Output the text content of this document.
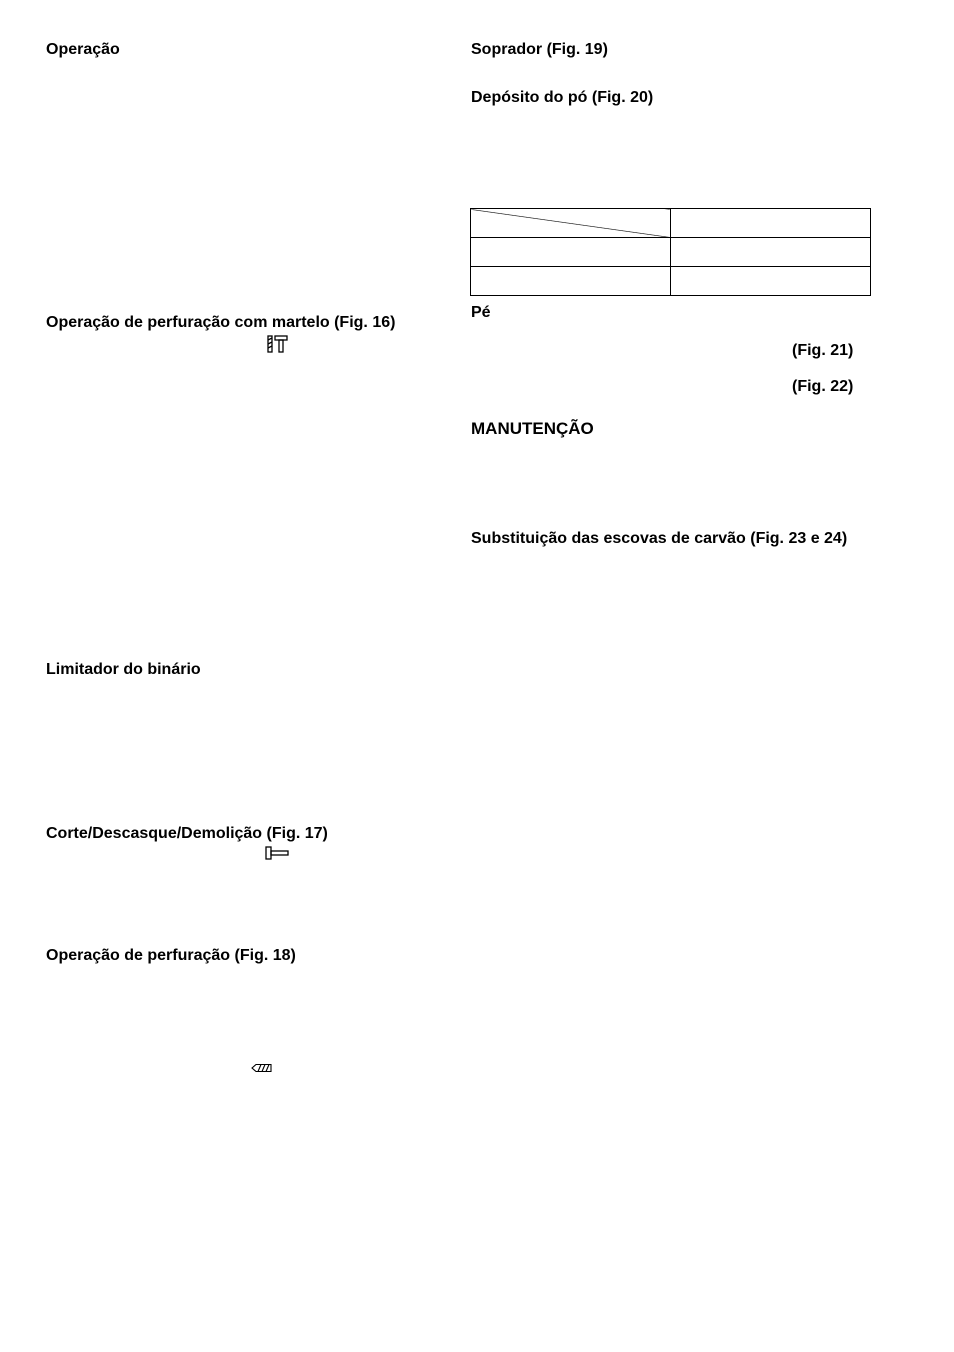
Operação
Operação de perfuração com martelo (Fig. 16)
Limitador do binário
Corte/Descasque/Demolição (Fig. 17)
Operação de perfuração (Fig. 18)
Soprador (Fig. 19)
Depósito do pó (Fig. 20)

Pé
(Fig. 21)
(Fig. 22)
MANUTENÇÃO
Substituição das escovas de carvão (Fig. 23 e 24)
